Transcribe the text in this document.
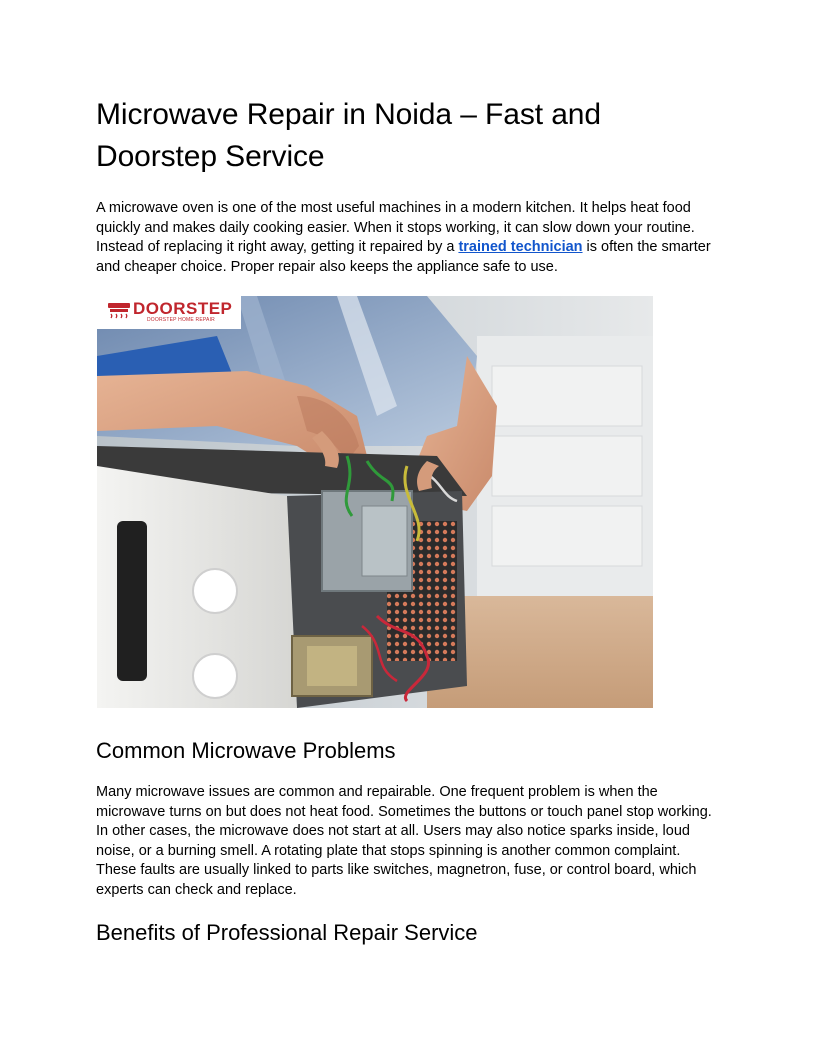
Microwave Repair in Noida – Fast and Doorstep Service

A microwave oven is one of the most useful machines in a modern kitchen. It helps heat food quickly and makes daily cooking easier. When it stops working, it can slow down your routine. Instead of replacing it right away, getting it repaired by a trained technician is often the smarter and cheaper choice. Proper repair also keeps the appliance safe to use.

DOORSTEP
DOORSTEP HOME REPAIR
Common Microwave Problems

Many microwave issues are common and repairable. One frequent problem is when the microwave turns on but does not heat food. Sometimes the buttons or touch panel stop working. In other cases, the microwave does not start at all. Users may also notice sparks inside, loud noise, or a burning smell. A rotating plate that stops spinning is another common complaint. These faults are usually linked to parts like switches, magnetron, fuse, or control board, which experts can check and replace.

Benefits of Professional Repair Service
